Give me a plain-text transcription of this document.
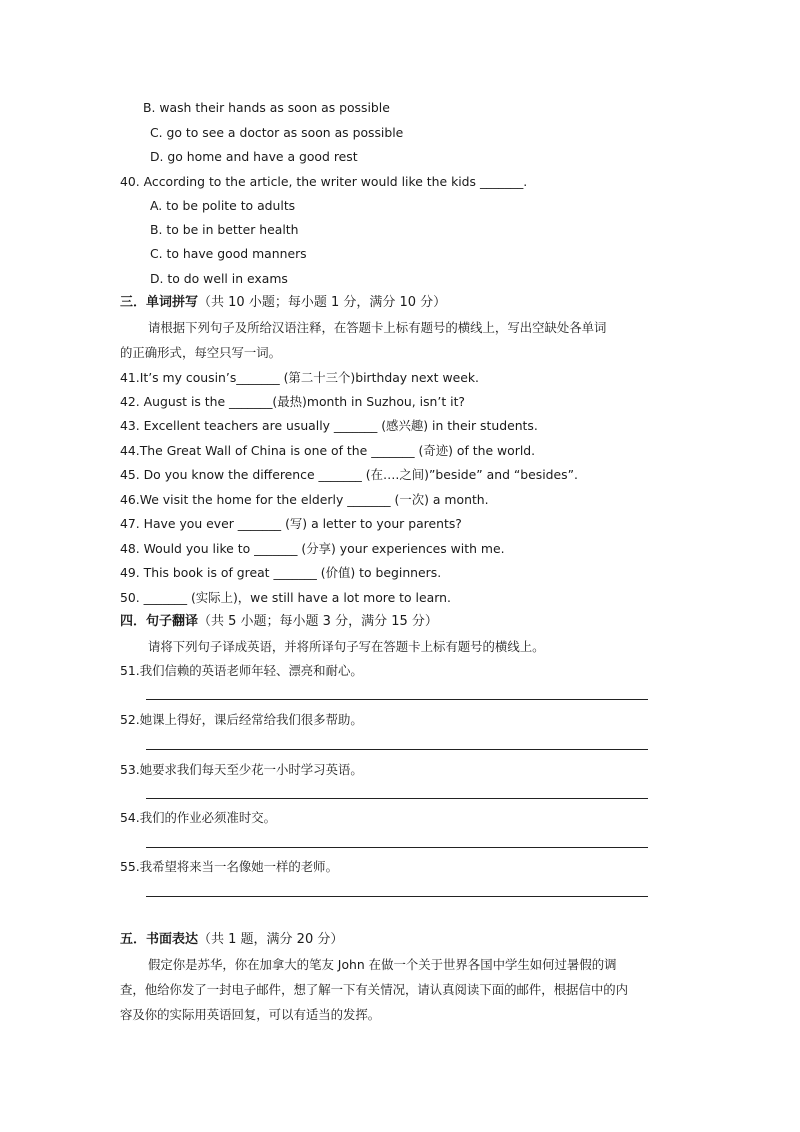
B. wash their hands as soon as possible
C. go to see a doctor as soon as possible
D. go home and have a good rest
40. According to the article, the writer would like the kids _______.
A. to be polite to adults
B. to be in better health
C. to have good manners
D. to do well in exams
三．单词拼写（共 10 小题；每小题 1 分，满分 10 分）
请根据下列句子及所给汉语注释，在答题卡上标有题号的横线上，写出空缺处各单词
的正确形式，每空只写一词。
41.It’s my cousin’s_______ (第二十三个)birthday next week.
42. August is the _______(最热)month in Suzhou, isn’t it?
43. Excellent teachers are usually _______ (感兴趣) in their students.
44.The Great Wall of China is one of the _______ (奇迹) of the world.
45. Do you know the difference _______ (在….之间)”beside” and “besides”.
46.We visit the home for the elderly _______ (一次) a month.
47. Have you ever _______ (写) a letter to your parents?
48. Would you like to _______ (分享) your experiences with me.
49. This book is of great _______ (价值) to beginners.
50. _______ (实际上)，we still have a lot more to learn.
四．句子翻译（共 5 小题；每小题 3 分，满分 15 分）
请将下列句子译成英语，并将所译句子写在答题卡上标有题号的横线上。
51.我们信赖的英语老师年轻、漂亮和耐心。
52.她课上得好，课后经常给我们很多帮助。
53.她要求我们每天至少花一小时学习英语。
54.我们的作业必须准时交。
55.我希望将来当一名像她一样的老师。
五．书面表达（共 1 题，满分 20 分）
假定你是苏华，你在加拿大的笔友 John 在做一个关于世界各国中学生如何过暑假的调
查，他给你发了一封电子邮件，想了解一下有关情况，请认真阅读下面的邮件，根据信中的内
容及你的实际用英语回复，可以有适当的发挥。
